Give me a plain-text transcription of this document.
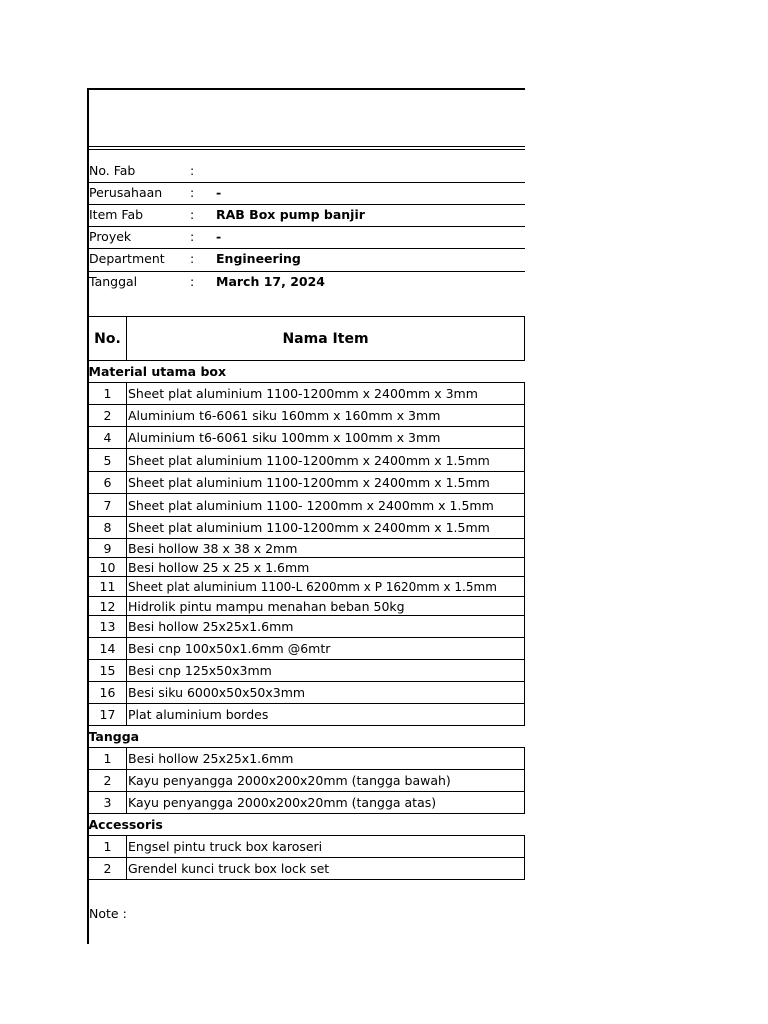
No. Fab	:
Perusahaan : -
Item Fab	: RAB Box pump banjir
Proyek	: -
Department : Engineering
Tanggal	: March 17, 2024
No.	Nama Item
Material utama box	
1	Sheet plat aluminium 1100-1200mm x 2400mm x 3mm
2	Aluminium t6-6061 siku 160mm x 160mm x 3mm
4	Aluminium t6-6061 siku 100mm x 100mm x 3mm
5	Sheet plat aluminium 1100-1200mm x 2400mm x 1.5mm
6	Sheet plat aluminium 1100-1200mm x 2400mm x 1.5mm
7	Sheet plat aluminium 1100- 1200mm x 2400mm x 1.5mm
8	Sheet plat aluminium 1100-1200mm x 2400mm x 1.5mm
9	Besi hollow 38 x 38 x 2mm
10	Besi hollow 25 x 25 x 1.6mm
11	Sheet plat aluminium 1100-L 6200mm x P 1620mm x 1.5mm
12	Hidrolik pintu mampu menahan beban 50kg
13	Besi hollow 25x25x1.6mm
14	Besi cnp 100x50x1.6mm @6mtr
15	Besi cnp 125x50x3mm
16	Besi siku 6000x50x50x3mm
17	Plat aluminium bordes
Tangga	
1	Besi hollow 25x25x1.6mm
2	Kayu penyangga 2000x200x20mm (tangga bawah)
3	Kayu penyangga 2000x200x20mm (tangga atas)
Accessoris	
1	Engsel pintu truck box karoseri
2	Grendel kunci truck box lock set
Note :
